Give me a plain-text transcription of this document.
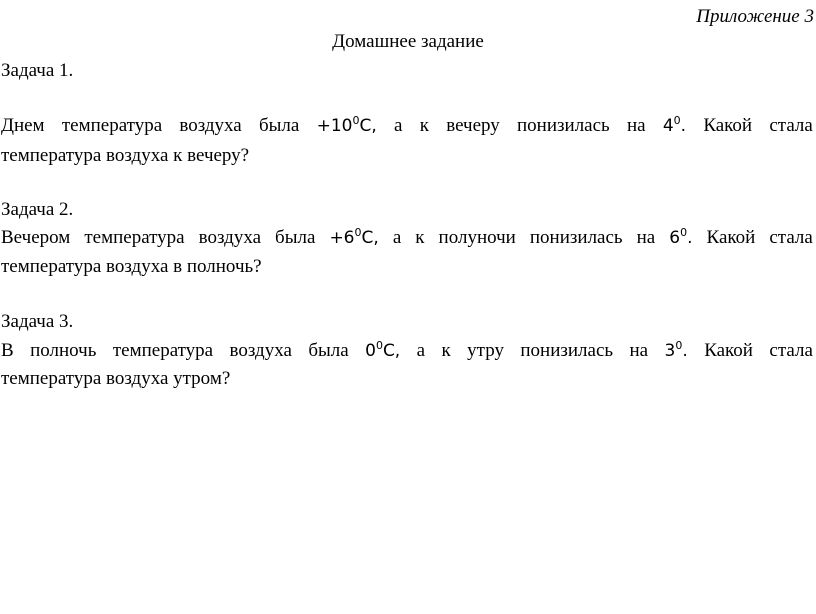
Приложение 3
Домашнее задание
Задача 1.
Днем температура воздуха была $+10^0C$, а к вечеру понизилась на $4^0$. Какой стала
температура воздуха к вечеру?
Задача 2.
Вечером температура воздуха была $+6^0C$, а к полуночи понизилась на $6^0$. Какой стала
температура воздуха в полночь?
Задача 3.
В полночь температура воздуха была $0^0C$, а к утру понизилась на $3^0$. Какой стала
температура воздуха утром?
